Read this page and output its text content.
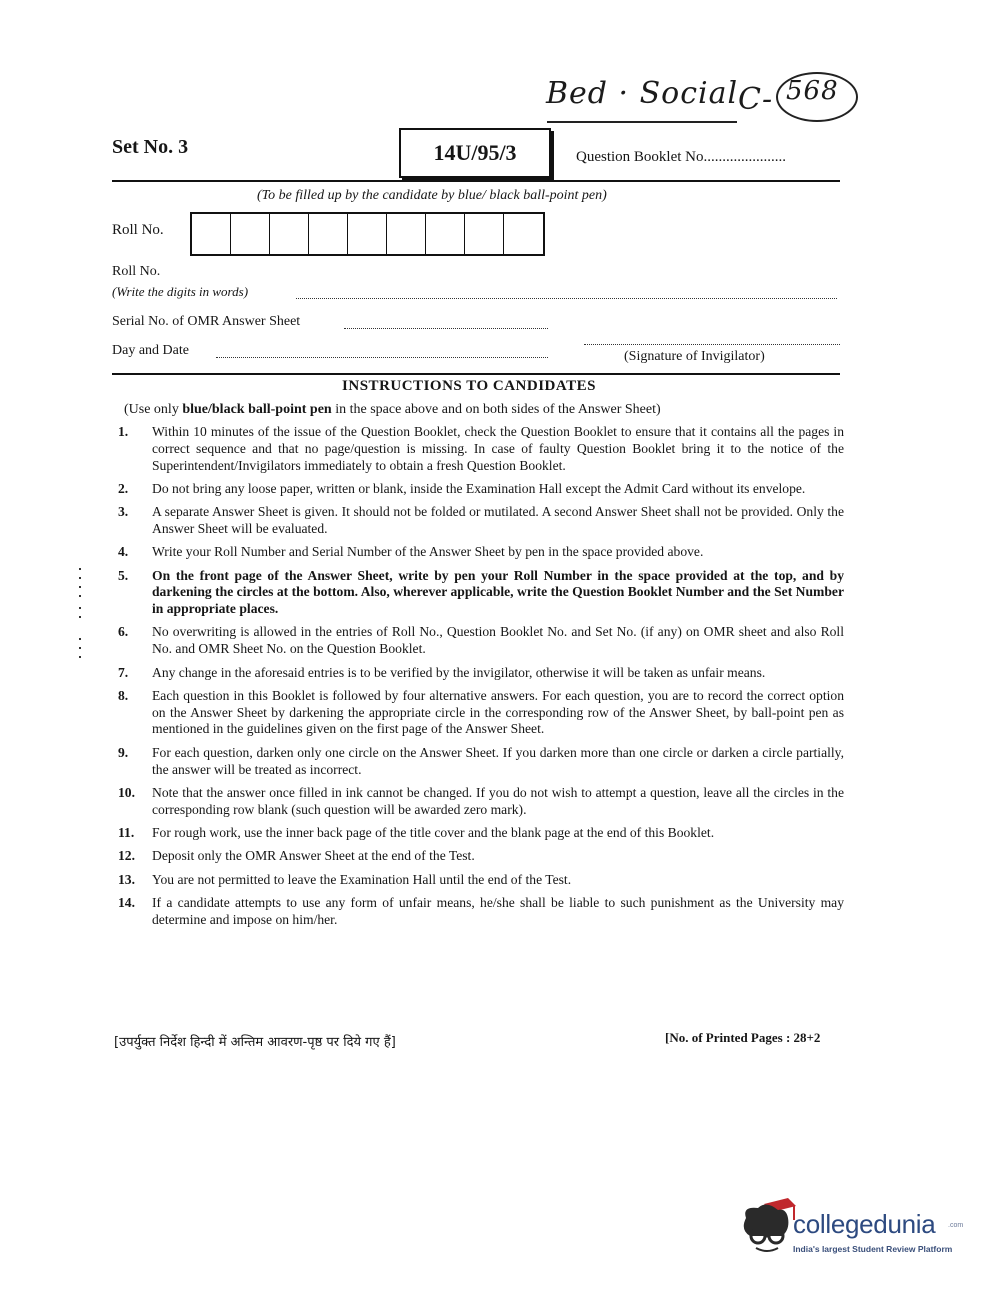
Bed · Social C- 568
Set No. 3	14U/95/3	Question Booklet No......................
(To be filled up by the candidate by blue/ black ball-point pen)
Roll No.
Roll No.
(Write the digits in words)
Serial No. of OMR Answer Sheet
Day and Date	(Signature of Invigilator)
INSTRUCTIONS TO CANDIDATES
(Use only blue/black ball-point pen in the space above and on both sides of the Answer Sheet)
1.	Within 10 minutes of the issue of the Question Booklet, check the Question Booklet to ensure that it contains all the pages in correct sequence and that no page/question is missing. In case of faulty Question Booklet bring it to the notice of the Superintendent/Invigilators immediately to obtain a fresh Question Booklet.
2.	Do not bring any loose paper, written or blank, inside the Examination Hall except the Admit Card without its envelope.
3.	A separate Answer Sheet is given. It should not be folded or mutilated. A second Answer Sheet shall not be provided. Only the Answer Sheet will be evaluated.
4.	Write your Roll Number and Serial Number of the Answer Sheet by pen in the space provided above.
5.	On the front page of the Answer Sheet, write by pen your Roll Number in the space provided at the top, and by darkening the circles at the bottom. Also, wherever applicable, write the Question Booklet Number and the Set Number in appropriate places.
6.	No overwriting is allowed in the entries of Roll No., Question Booklet No. and Set No. (if any) on OMR sheet and also Roll No. and OMR Sheet No. on the Question Booklet.
7.	Any change in the aforesaid entries is to be verified by the invigilator, otherwise it will be taken as unfair means.
8.	Each question in this Booklet is followed by four alternative answers. For each question, you are to record the correct option on the Answer Sheet by darkening the appropriate circle in the corresponding row of the Answer Sheet, by ball-point pen as mentioned in the guidelines given on the first page of the Answer Sheet.
9.	For each question, darken only one circle on the Answer Sheet. If you darken more than one circle or darken a circle partially, the answer will be treated as incorrect.
10.	Note that the answer once filled in ink cannot be changed. If you do not wish to attempt a question, leave all the circles in the corresponding row blank (such question will be awarded zero mark).
11.	For rough work, use the inner back page of the title cover and the blank page at the end of this Booklet.
12.	Deposit only the OMR Answer Sheet at the end of the Test.
13.	You are not permitted to leave the Examination Hall until the end of the Test.
14.	If a candidate attempts to use any form of unfair means, he/she shall be liable to such punishment as the University may determine and impose on him/her.
[उपर्युक्त निर्देश हिन्दी में अन्तिम आवरण-पृष्ठ पर दिये गए हैं]	[No. of Printed Pages : 28+2
collegedunia .com
India's largest Student Review Platform
